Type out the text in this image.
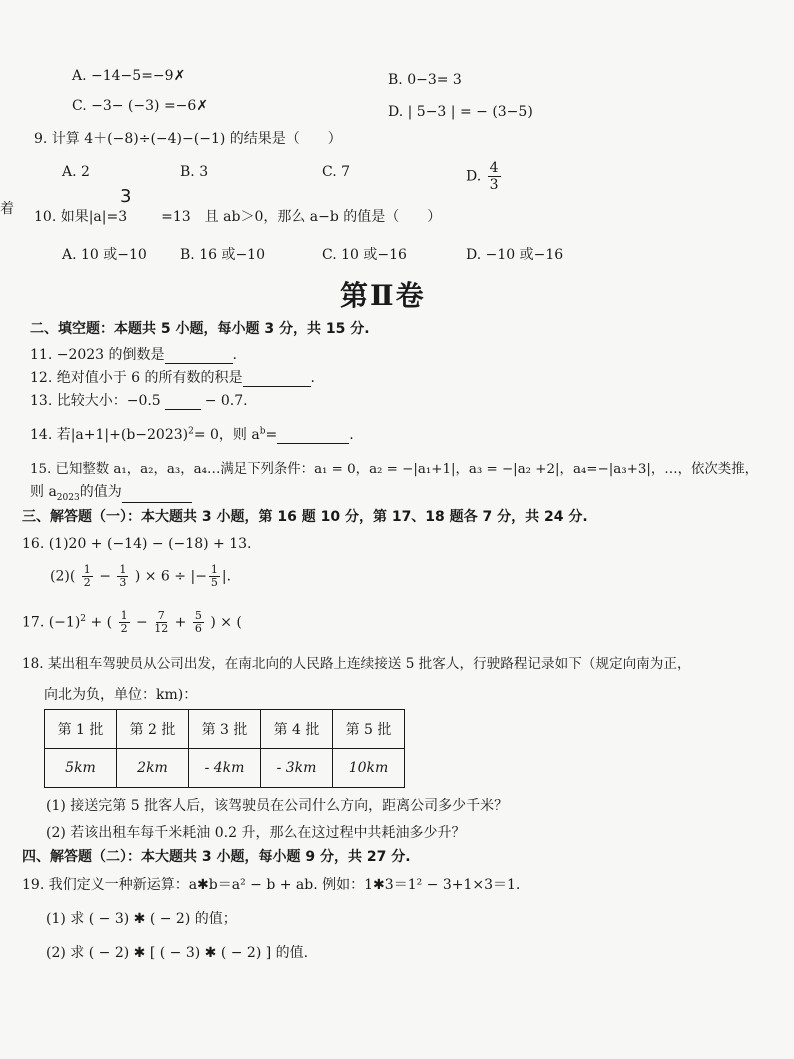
A. −14−5=−9✗	B. 0−3= 3
C. −3− (−3) =−6✗	D. | 5−3 | = − (3−5)
9. 计算 4＋(−8)÷(−4)−(−1) 的结果是（　　）
A. 2	B. 3	C. 7	D. $\frac{4}{3}$
着
3
10. 如果|a|=3 =13　且 ab＞0，那么 a−b 的值是（　　）
A. 10 或−10 B. 16 或−10	C. 10 或−16	D. −10 或−16
第Ⅱ卷
二、填空题：本题共 5 小题，每小题 3 分，共 15 分.
11. −2023 的倒数是	.
12. 绝对值小于 6 的所有数的积是	.
13. 比较大小：−0.5	− 0.7.
14. 若$|a+1|+(b-2023)^2= 0$，则 $a^b=$	.
15. 已知整数 a₁，a₂，a₃，a₄…满足下列条件：a₁ = 0，a₂ = −|a₁+1|，a₃ = −|a₂ +2|，a₄=−|a₃+3|，…，依次类推，
则 $a_{2023}$的值为
三、解答题（一）：本大题共 3 小题，第 16 题 10 分，第 17、18 题各 7 分，共 24 分.
16. (1)20 + (−14) − (−18) + 13.
$(2)( \frac{1}{2} - \frac{1}{3}$ ) × 6 ÷ |− $\frac{1}{5}$ |.
17. $(-1)^2$ + ( $\frac{1}{2} - \frac{7}{12} + \frac{5}{6}$ ) × (
18. 某出租车驾驶员从公司出发，在南北向的人民路上连续接送 5 批客人，行驶路程记录如下（规定向南为正，
向北为负，单位：km)：
第 1 批	第 2 批	第 3 批	第 4 批	第 5 批
5km	2km	- 4km	- 3km	10km
(1) 接送完第 5 批客人后，该驾驶员在公司什么方向，距离公司多少千米？
(2) 若该出租车每千米耗油 0.2 升，那么在这过程中共耗油多少升？
四、解答题（二）：本大题共 3 小题，每小题 9 分，共 27 分.
19. 我们定义一种新运算：a✱b＝a² − b + ab. 例如：1✱3＝1² − 3+1×3＝1.
(1) 求 ( − 3) ✱ ( − 2) 的值；
(2) 求 ( − 2) ✱ [ ( − 3) ✱ ( − 2) ] 的值.
